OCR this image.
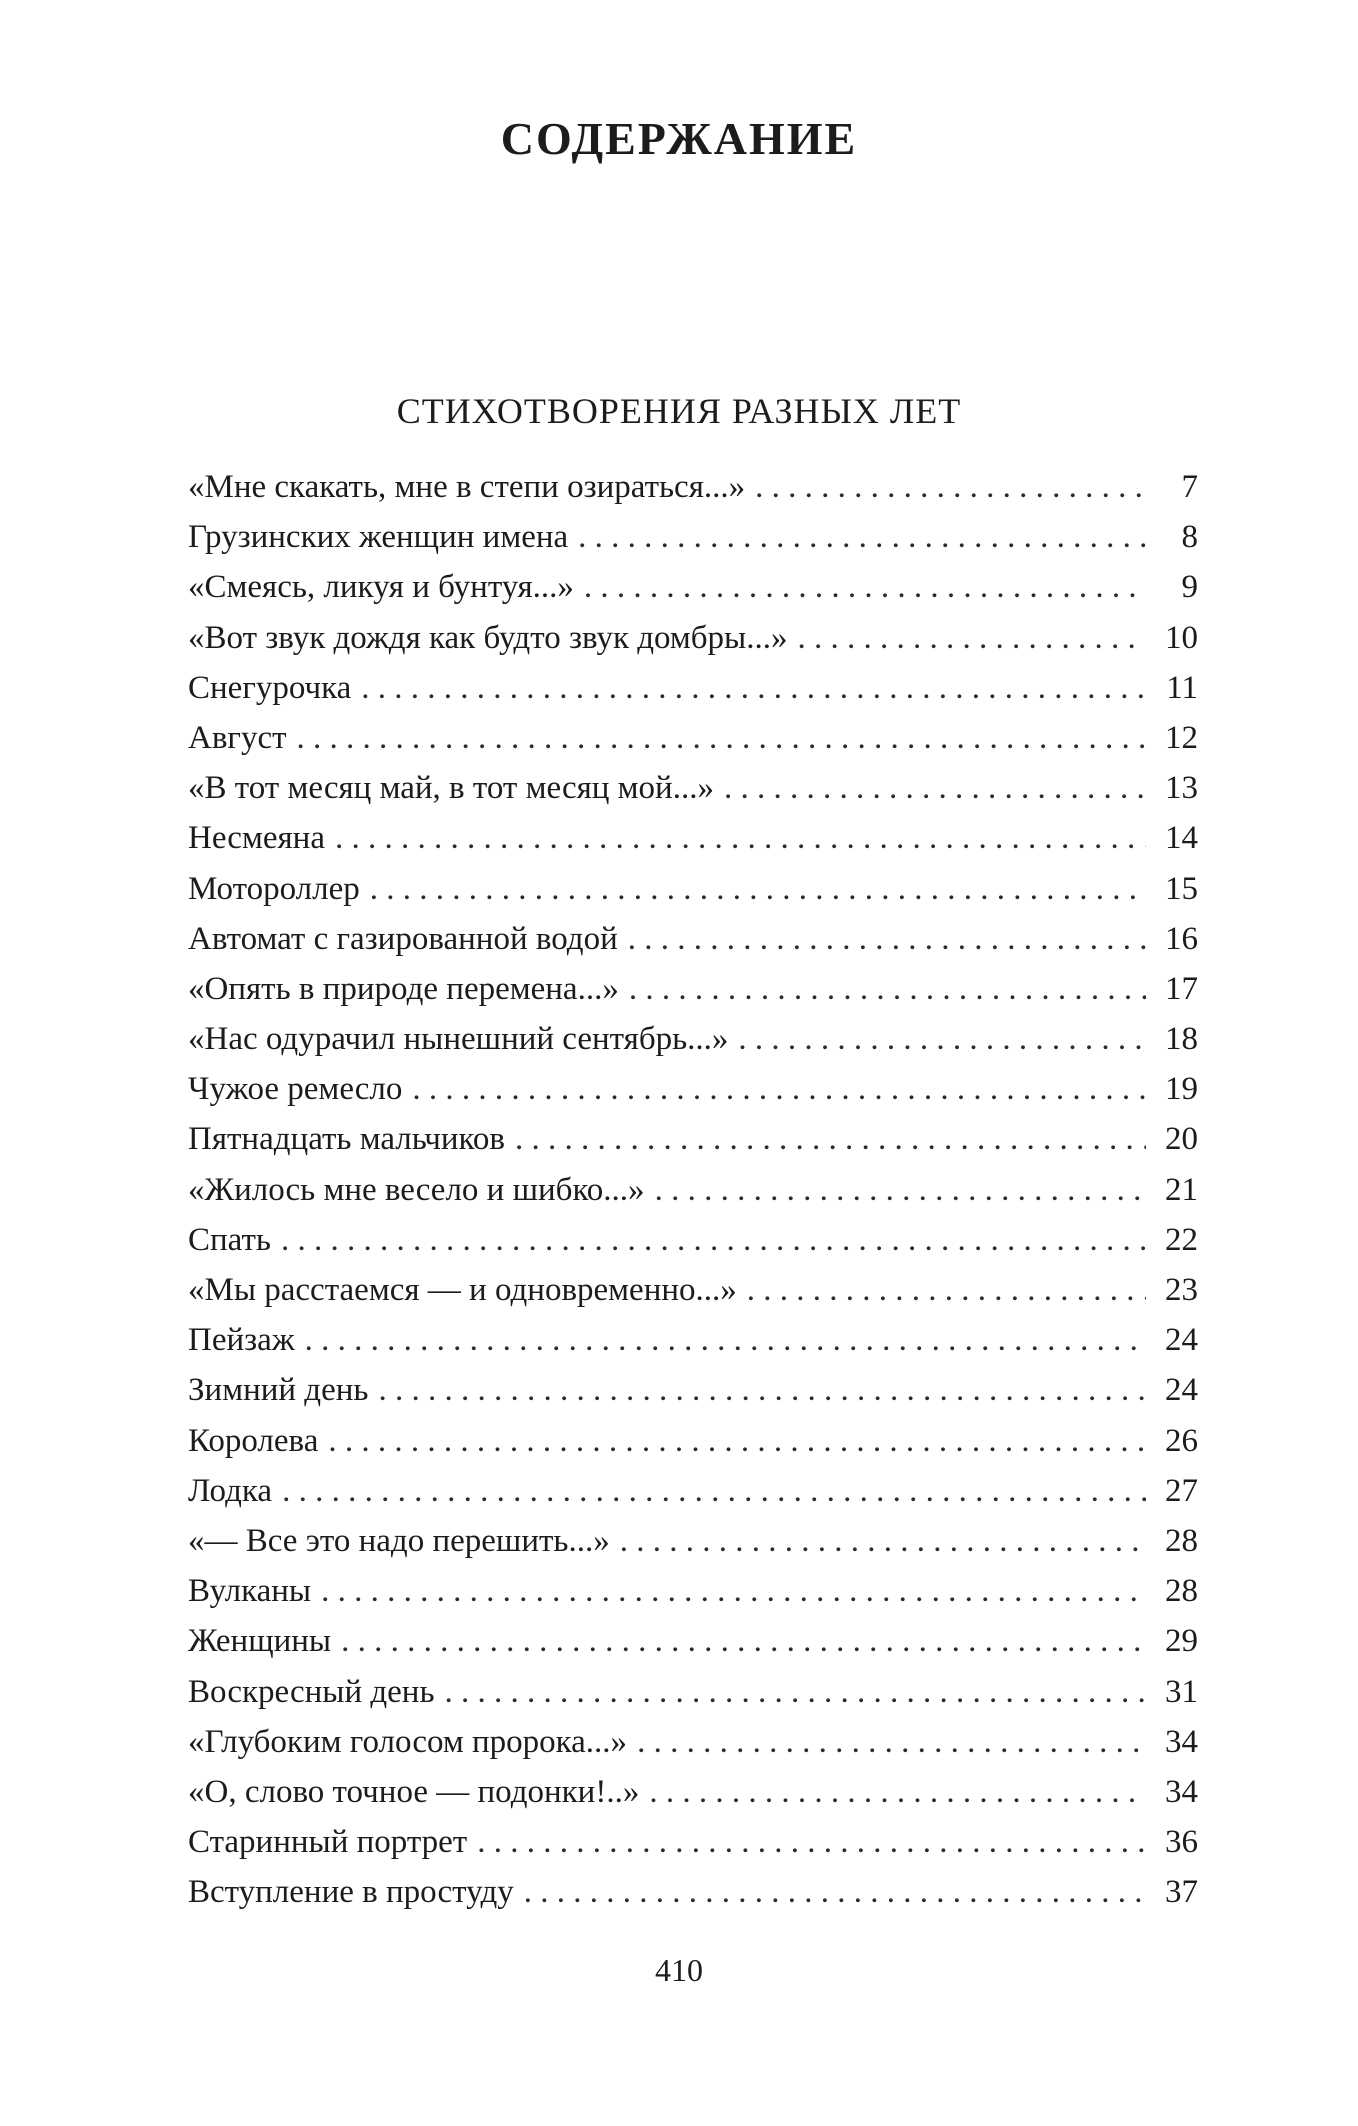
СОДЕРЖАНИЕ
СТИХОТВОРЕНИЯ РАЗНЫХ ЛЕТ
«Мне скакать, мне в степи озираться...» . . .	7
Грузинских женщин имена . . .	8
«Смеясь, ликуя и бунтуя...» . . .	9
«Вот звук дождя как будто звук домбры...» . . .	10
Снегурочка . . .	11
Август . . .	12
«В тот месяц май, в тот месяц мой...» . . .	13
Несмеяна . . .	14
Мотороллер . . .	15
Автомат с газированной водой . . .	16
«Опять в природе перемена...» . . .	17
«Нас одурачил нынешний сентябрь...» . . .	18
Чужое ремесло . . .	19
Пятнадцать мальчиков . . .	20
«Жилось мне весело и шибко...» . . .	21
Спать . . .	22
«Мы расстаемся — и одновременно...» . . .	23
Пейзаж . . .	24
Зимний день . . .	24
Королева . . .	26
Лодка . . .	27
«— Все это надо перешить...» . . .	28
Вулканы . . .	28
Женщины . . .	29
Воскресный день . . .	31
«Глубоким голосом пророка...» . . .	34
«О, слово точное — подонки!..» . . .	34
Старинный портрет . . .	36
Вступление в простуду . . .	37

410
